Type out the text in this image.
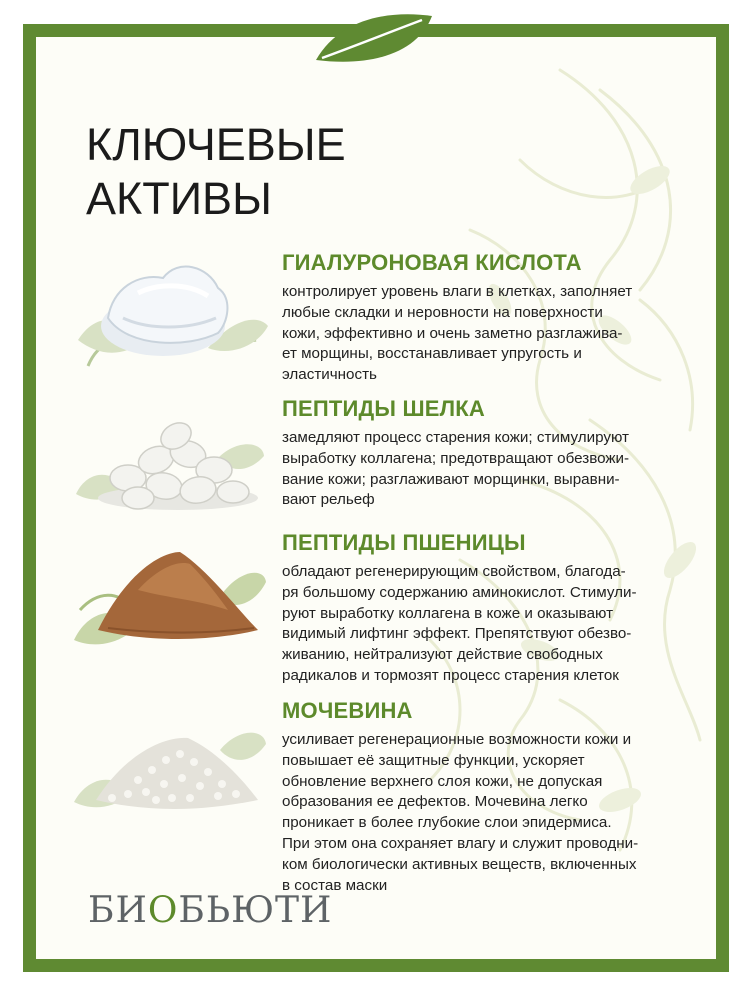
КЛЮЧЕВЫЕ
АКТИВЫ
ГИАЛУРОНОВАЯ КИСЛОТА

контролирует уровень влаги в клетках, заполняет
любые складки и неровности на поверхности
кожи, эффективно и очень заметно разглажива-
ет морщины, восстанавливает упругость и
эластичность

ПЕПТИДЫ ШЕЛКА

замедляют процесс старения кожи; стимулируют
выработку коллагена; предотвращают обезвожи-
вание кожи; разглаживают морщинки, выравни-
вают рельеф

ПЕПТИДЫ ПШЕНИЦЫ

обладают регенерирующим свойством, благода-
ря большому содержанию аминокислот. Стимули-
руют выработку коллагена в коже и оказывают
видимый лифтинг эффект. Препятствуют обезво-
живанию, нейтрализуют действие свободных
радикалов и тормозят процесс старения клеток

МОЧЕВИНА

усиливает регенерационные возможности кожи и
повышает её защитные функции, ускоряет
обновление верхнего слоя кожи, не допуская
образования ее дефектов. Мочевина легко
проникает в более глубокие слои эпидермиса.
При этом она сохраняет влагу и служит проводни-
ком биологически активных веществ, включенных
в состав маски

БИОБЬЮТИ
